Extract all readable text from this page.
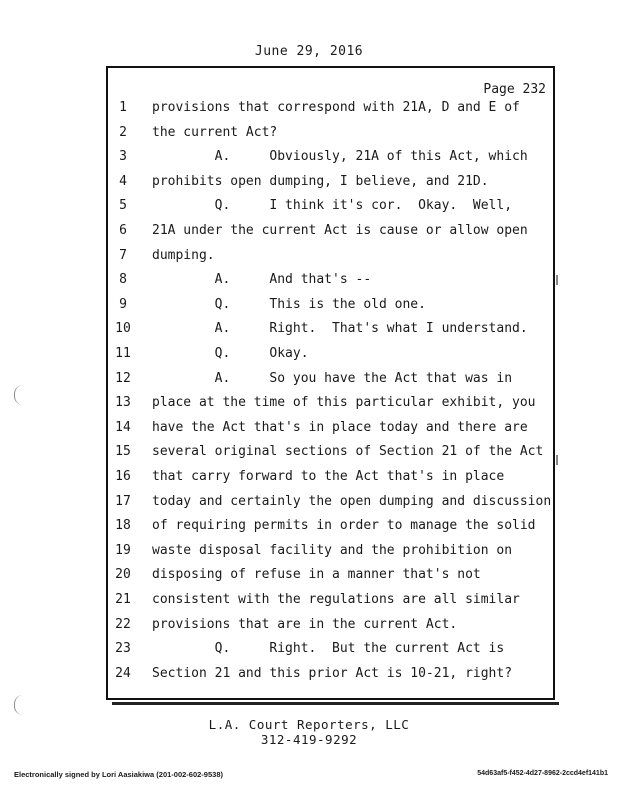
June 29, 2016
Page 232
1	provisions that correspond with 21A, D and E of
2	the current Act?
3	A.     Obviously, 21A of this Act, which
4	prohibits open dumping, I believe, and 21D.
5	Q.     I think it's cor.  Okay.  Well,
6	21A under the current Act is cause or allow open
7	dumping.
8	A.     And that's --
9	Q.     This is the old one.
10	A.     Right.  That's what I understand.
11	Q.     Okay.
12	A.     So you have the Act that was in
13	place at the time of this particular exhibit, you
14	have the Act that's in place today and there are
15	several original sections of Section 21 of the Act
16	that carry forward to the Act that's in place
17	today and certainly the open dumping and discussion
18	of requiring permits in order to manage the solid
19	waste disposal facility and the prohibition on
20	disposing of refuse in a manner that's not
21	consistent with the regulations are all similar
22	provisions that are in the current Act.
23	Q.     Right.  But the current Act is
24	Section 21 and this prior Act is 10-21, right?
L.A. Court Reporters, LLC
312-419-9292
Electronically signed by Lori Aasiakiwa (201-002-602-9538)	54d63af5-f452-4d27-8962-2ccd4ef141b1
